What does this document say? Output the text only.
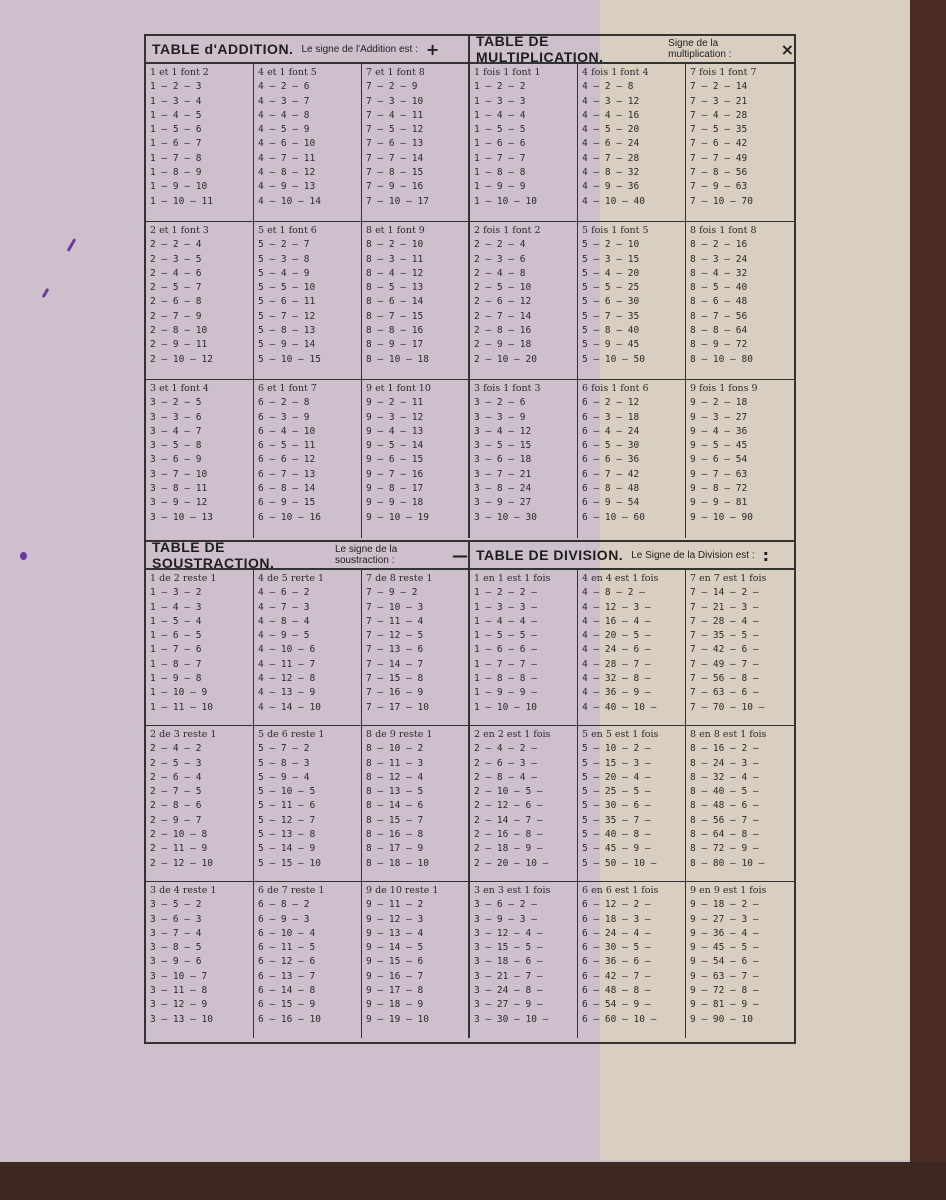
TABLE d'ADDITION. Le signe de l'Addition est : +	TABLE DE MULTIPLICATION.
Signe de la multiplication :	×
1 et 1 font 2
1 — 2 — 3
1 — 3 — 4
1 — 4 — 5
1 — 5 — 6
1 — 6 — 7
1 — 7 — 8
1 — 8 — 9
1 — 9 — 10
1 — 10 — 11
4 et 1 font 5
4 — 2 — 6
4 — 3 — 7
4 — 4 — 8
4 — 5 — 9
4 — 6 — 10
4 — 7 — 11
4 — 8 — 12
4 — 9 — 13
4 — 10 — 14
7 et 1 font 8
7 — 2 — 9
7 — 3 — 10
7 — 4 — 11
7 — 5 — 12
7 — 6 — 13
7 — 7 — 14
7 — 8 — 15
7 — 9 — 16
7 — 10 — 17
2 et 1 font 3
2 — 2 — 4
2 — 3 — 5
2 — 4 — 6
2 — 5 — 7
2 — 6 — 8
2 — 7 — 9
2 — 8 — 10
2 — 9 — 11
2 — 10 — 12
5 et 1 font 6
5 — 2 — 7
5 — 3 — 8
5 — 4 — 9
5 — 5 — 10
5 — 6 — 11
5 — 7 — 12
5 — 8 — 13
5 — 9 — 14
5 — 10 — 15
8 et 1 font 9
8 — 2 — 10
8 — 3 — 11
8 — 4 — 12
8 — 5 — 13
8 — 6 — 14
8 — 7 — 15
8 — 8 — 16
8 — 9 — 17
8 — 10 — 18
3 et 1 font 4
3 — 2 — 5
3 — 3 — 6
3 — 4 — 7
3 — 5 — 8
3 — 6 — 9
3 — 7 — 10
3 — 8 — 11
3 — 9 — 12
3 — 10 — 13
6 et 1 font 7
6 — 2 — 8
6 — 3 — 9
6 — 4 — 10
6 — 5 — 11
6 — 6 — 12
6 — 7 — 13
6 — 8 — 14
6 — 9 — 15
6 — 10 — 16
9 et 1 font 10
9 — 2 — 11
9 — 3 — 12
9 — 4 — 13
9 — 5 — 14
9 — 6 — 15
9 — 7 — 16
9 — 8 — 17
9 — 9 — 18
9 — 10 — 19
1 fois 1 font 1
1 — 2 — 2
1 — 3 — 3
1 — 4 — 4
1 — 5 — 5
1 — 6 — 6
1 — 7 — 7
1 — 8 — 8
1 — 9 — 9
1 — 10 — 10
4 fois 1 font 4
4 — 2 — 8
4 — 3 — 12
4 — 4 — 16
4 — 5 — 20
4 — 6 — 24
4 — 7 — 28
4 — 8 — 32
4 — 9 — 36
4 — 10 — 40
7 fois 1 font 7
7 — 2 — 14
7 — 3 — 21
7 — 4 — 28
7 — 5 — 35
7 — 6 — 42
7 — 7 — 49
7 — 8 — 56
7 — 9 — 63
7 — 10 — 70
2 fois 1 font 2
2 — 2 — 4
2 — 3 — 6
2 — 4 — 8
2 — 5 — 10
2 — 6 — 12
2 — 7 — 14
2 — 8 — 16
2 — 9 — 18
2 — 10 — 20
5 fois 1 font 5
5 — 2 — 10
5 — 3 — 15
5 — 4 — 20
5 — 5 — 25
5 — 6 — 30
5 — 7 — 35
5 — 8 — 40
5 — 9 — 45
5 — 10 — 50
8 fois 1 font 8
8 — 2 — 16
8 — 3 — 24
8 — 4 — 32
8 — 5 — 40
8 — 6 — 48
8 — 7 — 56
8 — 8 — 64
8 — 9 — 72
8 — 10 — 80
3 fois 1 font 3
3 — 2 — 6
3 — 3 — 9
3 — 4 — 12
3 — 5 — 15
3 — 6 — 18
3 — 7 — 21
3 — 8 — 24
3 — 9 — 27
3 — 10 — 30
6 fois 1 font 6
6 — 2 — 12
6 — 3 — 18
6 — 4 — 24
6 — 5 — 30
6 — 6 — 36
6 — 7 — 42
6 — 8 — 48
6 — 9 — 54
6 — 10 — 60
9 fois 1 fons 9
9 — 2 — 18
9 — 3 — 27
9 — 4 — 36
9 — 5 — 45
9 — 6 — 54
9 — 7 — 63
9 — 8 — 72
9 — 9 — 81
9 — 10 — 90
TABLE DE SOUSTRACTION.
Le signe de la soustraction :	— TABLE DE DIVISION. Le Signe de la Division est : :
1 de 2 reste 1
1 — 3 — 2
1 — 4 — 3
1 — 5 — 4
1 — 6 — 5
1 — 7 — 6
1 — 8 — 7
1 — 9 — 8
1 — 10 — 9
1 — 11 — 10
4 de 5 rerte 1
4 — 6 — 2
4 — 7 — 3
4 — 8 — 4
4 — 9 — 5
4 — 10 — 6
4 — 11 — 7
4 — 12 — 8
4 — 13 — 9
4 — 14 — 10
7 de 8 reste 1
7 — 9 — 2
7 — 10 — 3
7 — 11 — 4
7 — 12 — 5
7 — 13 — 6
7 — 14 — 7
7 — 15 — 8
7 — 16 — 9
7 — 17 — 10
2 de 3 reste 1
2 — 4 — 2
2 — 5 — 3
2 — 6 — 4
2 — 7 — 5
2 — 8 — 6
2 — 9 — 7
2 — 10 — 8
2 — 11 — 9
2 — 12 — 10
5 de 6 reste 1
5 — 7 — 2
5 — 8 — 3
5 — 9 — 4
5 — 10 — 5
5 — 11 — 6
5 — 12 — 7
5 — 13 — 8
5 — 14 — 9
5 — 15 — 10
8 de 9 reste 1
8 — 10 — 2
8 — 11 — 3
8 — 12 — 4
8 — 13 — 5
8 — 14 — 6
8 — 15 — 7
8 — 16 — 8
8 — 17 — 9
8 — 18 — 10
3 de 4 reste 1
3 — 5 — 2
3 — 6 — 3
3 — 7 — 4
3 — 8 — 5
3 — 9 — 6
3 — 10 — 7
3 — 11 — 8
3 — 12 — 9
3 — 13 — 10
6 de 7 reste 1
6 — 8 — 2
6 — 9 — 3
6 — 10 — 4
6 — 11 — 5
6 — 12 — 6
6 — 13 — 7
6 — 14 — 8
6 — 15 — 9
6 — 16 — 10
9 de 10 reste 1
9 — 11 — 2
9 — 12 — 3
9 — 13 — 4
9 — 14 — 5
9 — 15 — 6
9 — 16 — 7
9 — 17 — 8
9 — 18 — 9
9 — 19 — 10
1 en 1 est 1 fois
1 — 2 — 2 —
1 — 3 — 3 —
1 — 4 — 4 —
1 — 5 — 5 —
1 — 6 — 6 —
1 — 7 — 7 —
1 — 8 — 8 —
1 — 9 — 9 —
1 — 10 — 10
4 en 4 est 1 fois
4 — 8 — 2 —
4 — 12 — 3 —
4 — 16 — 4 —
4 — 20 — 5 —
4 — 24 — 6 —
4 — 28 — 7 —
4 — 32 — 8 —
4 — 36 — 9 —
4 — 40 — 10 —
7 en 7 est 1 fois
7 — 14 — 2 —
7 — 21 — 3 —
7 — 28 — 4 —
7 — 35 — 5 —
7 — 42 — 6 —
7 — 49 — 7 —
7 — 56 — 8 —
7 — 63 — 6 —
7 — 70 — 10 —
2 en 2 est 1 fois
2 — 4 — 2 —
2 — 6 — 3 —
2 — 8 — 4 —
2 — 10 — 5 —
2 — 12 — 6 —
2 — 14 — 7 —
2 — 16 — 8 —
2 — 18 — 9 —
2 — 20 — 10 —
5 en 5 est 1 fois
5 — 10 — 2 —
5 — 15 — 3 —
5 — 20 — 4 —
5 — 25 — 5 —
5 — 30 — 6 —
5 — 35 — 7 —
5 — 40 — 8 —
5 — 45 — 9 —
5 — 50 — 10 —
8 en 8 est 1 fois
8 — 16 — 2 —
8 — 24 — 3 —
8 — 32 — 4 —
8 — 40 — 5 —
8 — 48 — 6 —
8 — 56 — 7 —
8 — 64 — 8 —
8 — 72 — 9 —
8 — 80 — 10 —
3 en 3 est 1 fois
3 — 6 — 2 —
3 — 9 — 3 —
3 — 12 — 4 —
3 — 15 — 5 —
3 — 18 — 6 —
3 — 21 — 7 —
3 — 24 — 8 —
3 — 27 — 9 —
3 — 30 — 10 —
6 en 6 est 1 fois
6 — 12 — 2 —
6 — 18 — 3 —
6 — 24 — 4 —
6 — 30 — 5 —
6 — 36 — 6 —
6 — 42 — 7 —
6 — 48 — 8 —
6 — 54 — 9 —
6 — 60 — 10 —
9 en 9 est 1 fois
9 — 18 — 2 —
9 — 27 — 3 —
9 — 36 — 4 —
9 — 45 — 5 —
9 — 54 — 6 —
9 — 63 — 7 —
9 — 72 — 8 —
9 — 81 — 9 —
9 — 90 — 10
